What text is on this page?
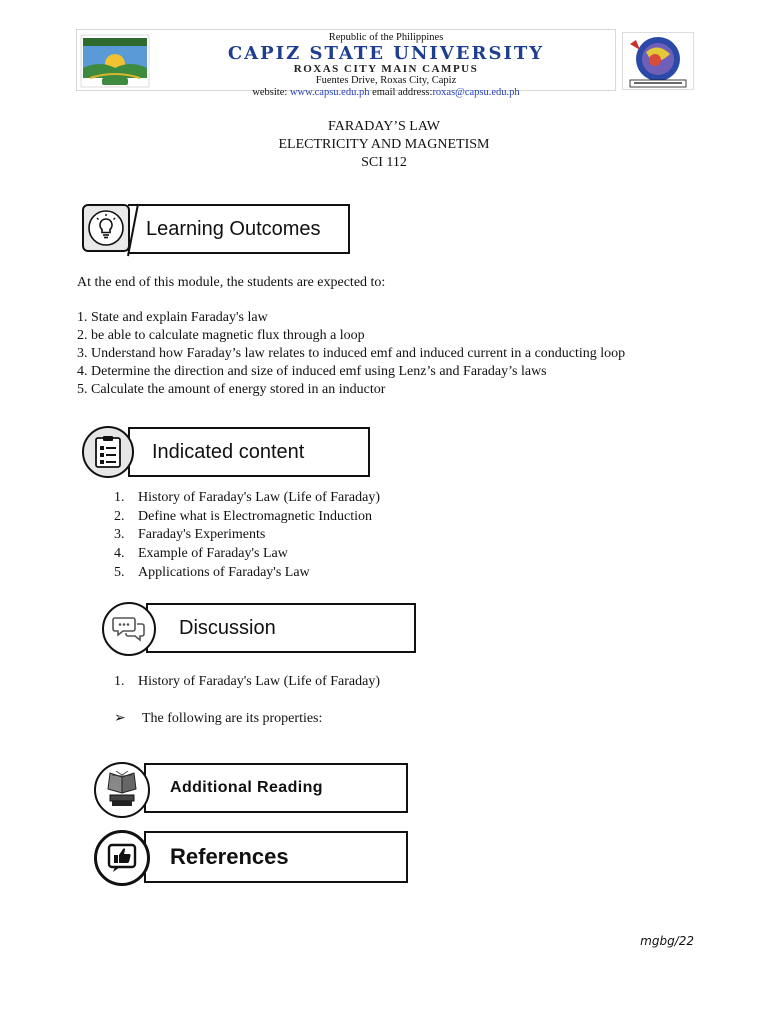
Republic of the Philippines
CAPIZ STATE UNIVERSITY
ROXAS CITY MAIN CAMPUS
Fuentes Drive, Roxas City, Capiz
website: www.capsu.edu.ph email address:roxas@capsu.edu.ph
FARADAY’S LAW
ELECTRICITY AND MAGNETISM
SCI 112
Learning Outcomes
At the end of this module, the students are expected to:
1. State and explain Faraday's law
2. be able to calculate magnetic flux through a loop
3. Understand how Faraday’s law relates to induced emf and induced current in a conducting loop
4. Determine the direction and size of induced emf using Lenz’s and Faraday’s laws
5. Calculate the amount of energy stored in an inductor
Indicated content
1. History of Faraday's Law (Life of Faraday)
2. Define what is Electromagnetic Induction
3. Faraday's Experiments
4. Example of Faraday's Law
5. Applications of Faraday's Law
Discussion
1. History of Faraday's Law (Life of Faraday)
➢ The following are its properties:
Additional Reading
References
mgbg/22
